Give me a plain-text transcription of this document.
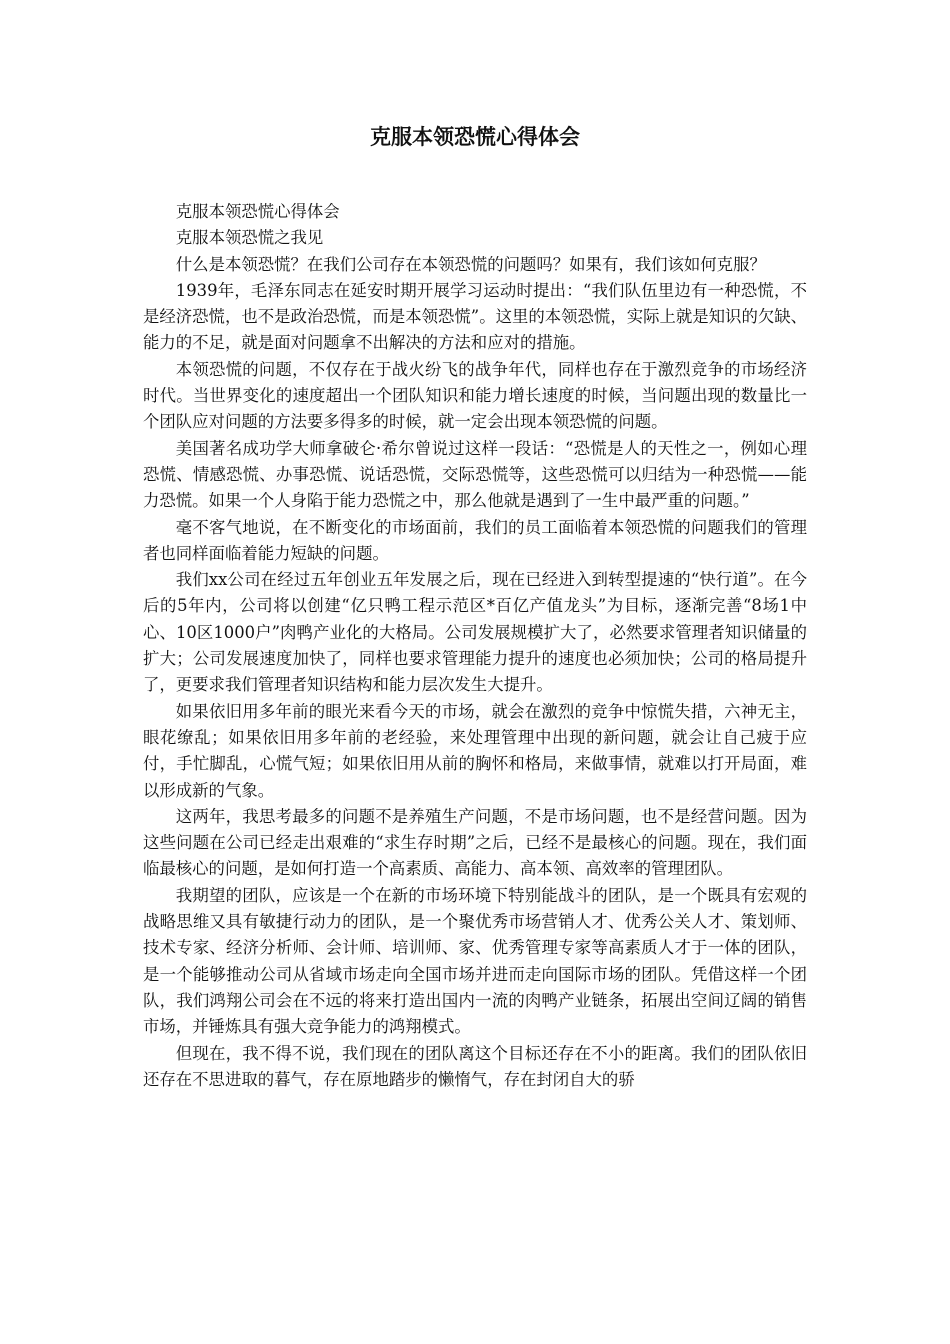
克服本领恐慌心得体会

克服本领恐慌心得体会

克服本领恐慌之我见

什么是本领恐慌？在我们公司存在本领恐慌的问题吗？如果有，我们该如何克服？

1939年，毛泽东同志在延安时期开展学习运动时提出：“我们队伍里边有一种恐慌，不是经济恐慌，也不是政治恐慌，而是本领恐慌”。这里的本领恐慌，实际上就是知识的欠缺、能力的不足，就是面对问题拿不出解决的方法和应对的措施。

本领恐慌的问题，不仅存在于战火纷飞的战争年代，同样也存在于激烈竞争的市场经济时代。当世界变化的速度超出一个团队知识和能力增长速度的时候，当问题出现的数量比一个团队应对问题的方法要多得多的时候，就一定会出现本领恐慌的问题。

美国著名成功学大师拿破仑·希尔曾说过这样一段话：“恐慌是人的天性之一，例如心理恐慌、情感恐慌、办事恐慌、说话恐慌，交际恐慌等，这些恐慌可以归结为一种恐慌——能力恐慌。如果一个人身陷于能力恐慌之中，那么他就是遇到了一生中最严重的问题。”

毫不客气地说，在不断变化的市场面前，我们的员工面临着本领恐慌的问题我们的管理者也同样面临着能力短缺的问题。

我们xx公司在经过五年创业五年发展之后，现在已经进入到转型提速的“快行道”。在今后的5年内，公司将以创建“亿只鸭工程示范区*百亿产值龙头”为目标，逐渐完善“8场1中心、10区1000户”肉鸭产业化的大格局。公司发展规模扩大了，必然要求管理者知识储量的扩大；公司发展速度加快了，同样也要求管理能力提升的速度也必须加快；公司的格局提升了，更要求我们管理者知识结构和能力层次发生大提升。

如果依旧用多年前的眼光来看今天的市场，就会在激烈的竞争中惊慌失措，六神无主，眼花缭乱；如果依旧用多年前的老经验，来处理管理中出现的新问题，就会让自己疲于应付，手忙脚乱，心慌气短；如果依旧用从前的胸怀和格局，来做事情，就难以打开局面，难以形成新的气象。

这两年，我思考最多的问题不是养殖生产问题，不是市场问题，也不是经营问题。因为这些问题在公司已经走出艰难的“求生存时期”之后，已经不是最核心的问题。现在，我们面临最核心的问题，是如何打造一个高素质、高能力、高本领、高效率的管理团队。

我期望的团队，应该是一个在新的市场环境下特别能战斗的团队，是一个既具有宏观的战略思维又具有敏捷行动力的团队，是一个聚优秀市场营销人才、优秀公关人才、策划师、技术专家、经济分析师、会计师、培训师、家、优秀管理专家等高素质人才于一体的团队，是一个能够推动公司从省域市场走向全国市场并进而走向国际市场的团队。凭借这样一个团队，我们鸿翔公司会在不远的将来打造出国内一流的肉鸭产业链条，拓展出空间辽阔的销售市场，并锤炼具有强大竞争能力的鸿翔模式。

但现在，我不得不说，我们现在的团队离这个目标还存在不小的距离。我们的团队依旧还存在不思进取的暮气，存在原地踏步的懒惰气，存在封闭自大的骄
